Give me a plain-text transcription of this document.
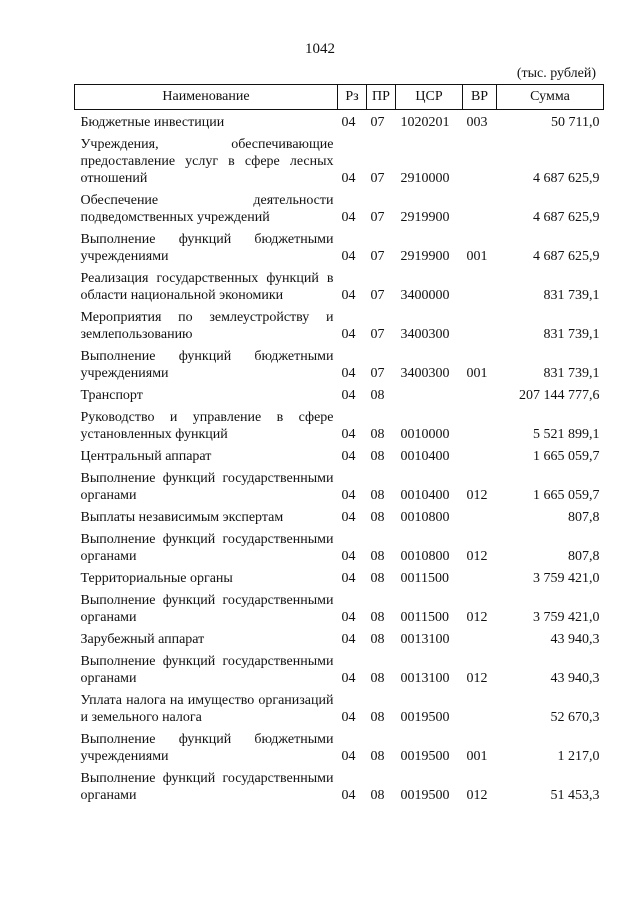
1042
(тыс. рублей)
Наименование	Рз	ПР	ЦСР	ВР	Сумма
Бюджетные инвестиции	04	07	1020201	003	50 711,0
Учреждения, обеспечивающие предоставление услуг в сфере лесных отношений	04	07	2910000		4 687 625,9
Обеспечение деятельности подведомственных учреждений	04	07	2919900		4 687 625,9
Выполнение функций бюджетными учреждениями	04	07	2919900	001	4 687 625,9
Реализация государственных функций в области национальной экономики	04	07	3400000		831 739,1
Мероприятия по землеустройству и землепользованию	04	07	3400300		831 739,1
Выполнение функций бюджетными учреждениями	04	07	3400300	001	831 739,1
Транспорт	04	08			207 144 777,6
Руководство и управление в сфере установленных функций	04	08	0010000		5 521 899,1
Центральный аппарат	04	08	0010400		1 665 059,7
Выполнение функций государственными органами	04	08	0010400	012	1 665 059,7
Выплаты независимым экспертам	04	08	0010800		807,8
Выполнение функций государственными органами	04	08	0010800	012	807,8
Территориальные органы	04	08	0011500		3 759 421,0
Выполнение функций государственными органами	04	08	0011500	012	3 759 421,0
Зарубежный аппарат	04	08	0013100		43 940,3
Выполнение функций государственными органами	04	08	0013100	012	43 940,3
Уплата налога на имущество организаций и земельного налога	04	08	0019500		52 670,3
Выполнение функций бюджетными учреждениями	04	08	0019500	001	1 217,0
Выполнение функций государственными органами	04	08	0019500	012	51 453,3
